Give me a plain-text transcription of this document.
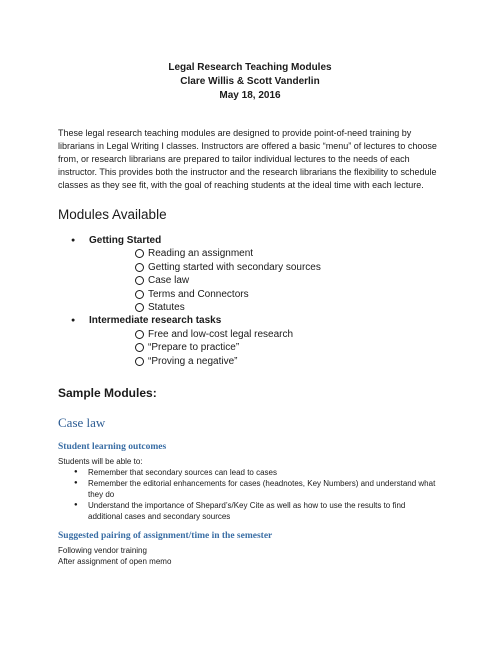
Legal Research Teaching Modules
Clare Willis & Scott Vanderlin
May 18, 2016

These legal research teaching modules are designed to provide point-of-need training by librarians in Legal Writing I classes. Instructors are offered a basic “menu” of lectures to choose from, or research librarians are prepared to tailor individual lectures to the needs of each instructor. This provides both the instructor and the research librarians the flexibility to schedule classes as they see fit, with the goal of reaching students at the ideal time with each lecture.

Modules Available
● Getting Started
Reading an assignment
Getting started with secondary sources
Case law
Terms and Connectors
Statutes
● Intermediate research tasks
Free and low-cost legal research
“Prepare to practice”
“Proving a negative”
Sample Modules:
Case law
Student learning outcomes
Students will be able to:
● Remember that secondary sources can lead to cases
● Remember the editorial enhancements for cases (headnotes, Key Numbers) and understand what they do
● Understand the importance of Shepard’s/Key Cite as well as how to use the results to find additional cases and secondary sources
Suggested pairing of assignment/time in the semester
Following vendor training
After assignment of open memo
